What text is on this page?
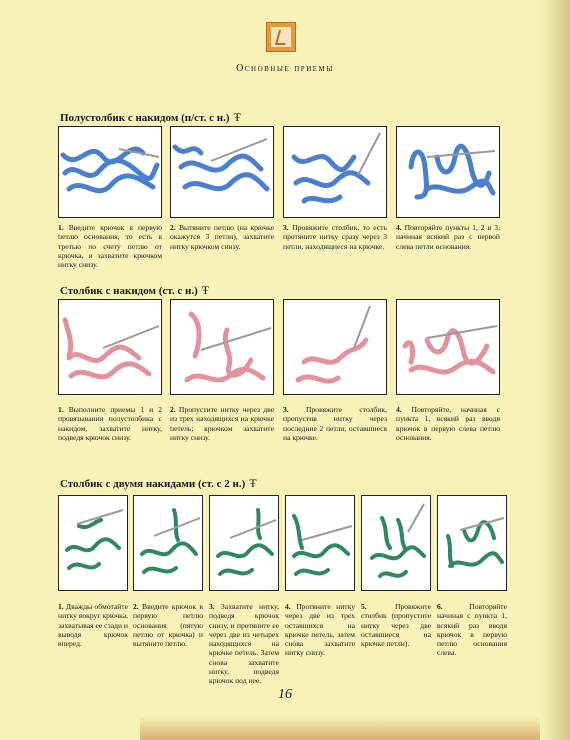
Основные приемы
Полустолбик с накидом (п/ст. с н.) Ŧ
1. Введите крючок в первую петлю основания, то есть в третью по счету петлю от крючка, и захватите крючком нитку снизу.
2. Вытяните петлю (на крючке окажутся 3 петли), захватите нитку крючком снизу.
3. Провяжите столбик, то есть протяните нитку сразу через 3 петли, находящиеся на крючке.
4. Повторяйте пункты 1, 2 и 3, начиная всякий раз с первой слева петли основания.
Столбик с накидом (ст. с н.) Ŧ
1. Выполните приемы 1 и 2 провязывания полустолбика с накидом, захватите нитку, подведя крючок снизу.
2. Пропустите нитку через две из трех находящихся на крючке петель; крючком захватите нитку снизу.
3. Провяжите столбик, пропустив нитку через последние 2 петли, оставшиеся на крючке.
4. Повторяйте, начиная с пункта 1, всякий раз вводя крючок в первую слева петлю основания.
Столбик с двумя накидами (ст. с 2 н.) Ŧ
1. Дважды обмотайте нитку вокруг крючка, захватывая ее сзади и выводя крючок вперед.
2. Введите крючок в первую петлю основания (пятую петлю от крючка) и вытяните петлю.
3. Захватите нитку, подведя крючок снизу, и протяните ее через две из четырех находящихся на крючке петель. Затем снова захватите нитку, подведя крючок под нее.
4. Протяните нитку через две из трех оставшихся на крючке петель, затем снова захватите нитку снизу.
5.	Провяжите столбик (пропустите нитку через две оставшиеся на крючке петли).
6.	Повторяйте начиная с пункта 1, всякий раз вводя крючок в первую петлю основания слева.
16
